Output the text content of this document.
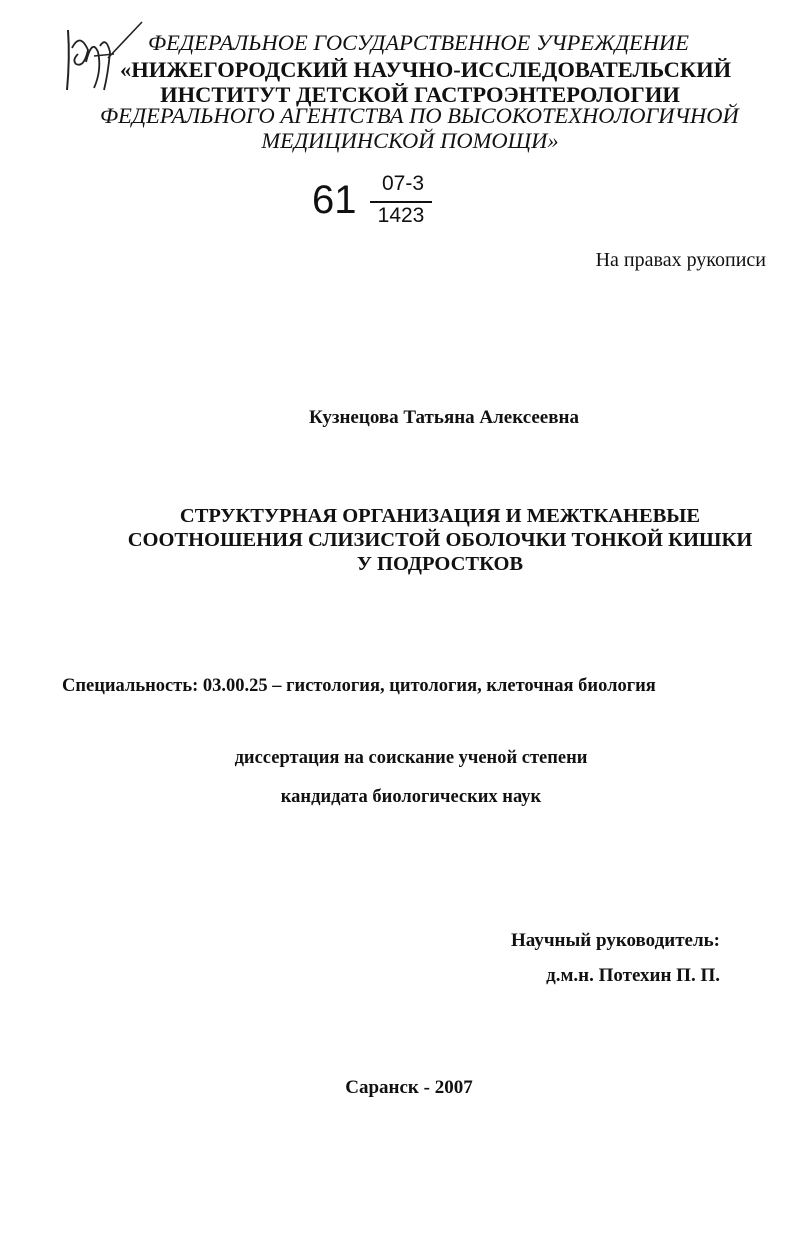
ФЕДЕРАЛЬНОЕ ГОСУДАРСТВЕННОЕ УЧРЕЖДЕНИЕ
«НИЖЕГОРОДСКИЙ НАУЧНО-ИССЛЕДОВАТЕЛЬСКИЙ
ИНСТИТУТ ДЕТСКОЙ ГАСТРОЭНТЕРОЛОГИИ
ФЕДЕРАЛЬНОГО АГЕНТСТВА ПО ВЫСОКОТЕХНОЛОГИЧНОЙ
МЕДИЦИНСКОЙ ПОМОЩИ»
61	07-3
1423
На правах рукописи
Кузнецова Татьяна Алексеевна
СТРУКТУРНАЯ ОРГАНИЗАЦИЯ И МЕЖТКАНЕВЫЕ
СООТНОШЕНИЯ СЛИЗИСТОЙ ОБОЛОЧКИ ТОНКОЙ КИШКИ
У ПОДРОСТКОВ
Специальность: 03.00.25 – гистология, цитология, клеточная биология
диссертация на соискание ученой степени
кандидата биологических наук
Научный руководитель:
д.м.н. Потехин П. П.
Саранск - 2007
